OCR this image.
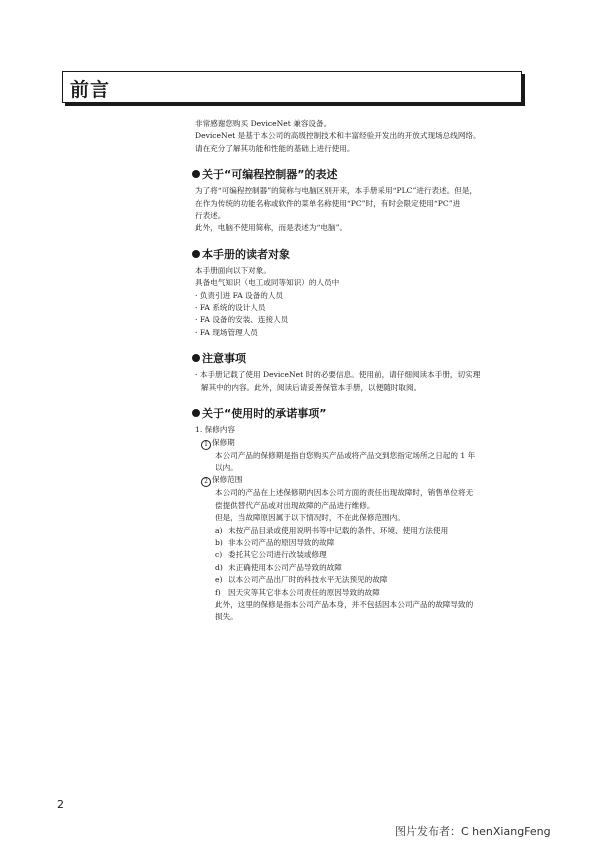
前言

非常感谢您购买 DeviceNet 兼容设备。

DeviceNet 是基于本公司的高级控制技术和丰富经验开发出的开放式现场总线网络。

请在充分了解其功能和性能的基础上进行使用。

关于“可编程控制器”的表述

为了将“可编程控制器”的简称与电脑区别开来，本手册采用“PLC”进行表述。但是，

在作为传统的功能名称或软件的菜单名称使用“PC”时，有时会限定使用“PC”进

行表述。

此外，电脑不使用简称，而是表述为“电脑”。

本手册的读者对象

本手册面向以下对象。

具备电气知识（电工或同等知识）的人员中

· 负责引进 FA 设备的人员

· FA 系统的设计人员

· FA 设备的安装、连接人员

· FA 现场管理人员

注意事项

· 本手册记载了使用 DeviceNet 时的必要信息。使用前，请仔细阅读本手册，切实理

解其中的内容。此外，阅读后请妥善保管本手册，以便随时取阅。

关于“使用时的承诺事项”

1. 保修内容

1 保修期

本公司产品的保修期是指自您购买产品或将产品交到您指定场所之日起的 1 年

以内。

2 保修范围

本公司的产品在上述保修期内因本公司方面的责任出现故障时，销售单位将无

偿提供替代产品或对出现故障的产品进行维修。

但是，当故障原因属于以下情况时，不在此保修范围内。

a) 未按产品目录或使用说明书等中记载的条件、环境、使用方法使用

b) 非本公司产品的原因导致的故障

c) 委托其它公司进行改装或修理

d) 未正确使用本公司产品导致的故障

e) 以本公司产品出厂时的科技水平无法预见的故障

f) 因天灾等其它非本公司责任的原因导致的故障

此外，这里的保修是指本公司产品本身，并不包括因本公司产品的故障导致的

损失。

2
图片发布者：C henXiangFeng
